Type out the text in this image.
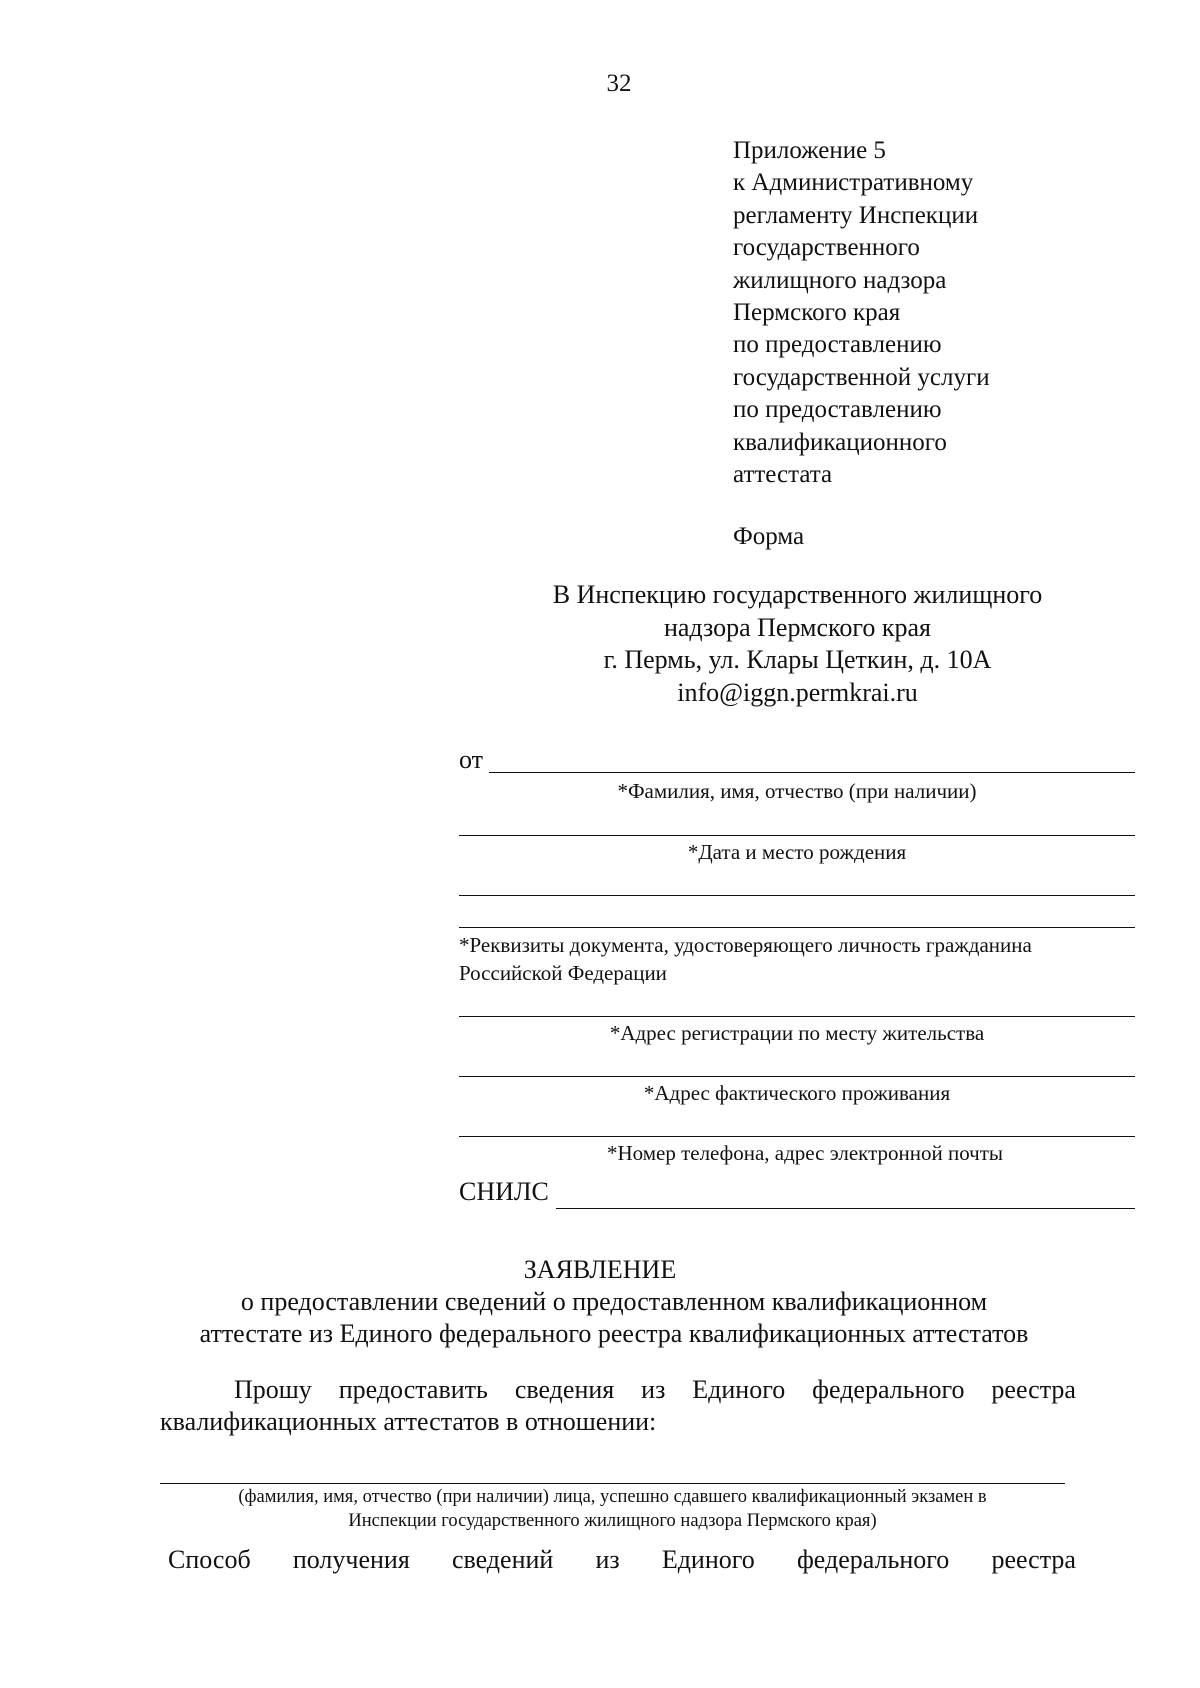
32
Приложение 5
к Административному
регламенту Инспекции
государственного
жилищного надзора
Пермского края
по предоставлению
государственной услуги
по предоставлению
квалификационного
аттестата
Форма
В Инспекцию государственного жилищного
надзора Пермского края
г. Пермь, ул. Клары Цеткин, д. 10А
info@iggn.permkrai.ru
от
*Фамилия, имя, отчество (при наличии)
*Дата и место рождения
*Реквизиты документа, удостоверяющего личность гражданина
Российской Федерации
*Адрес регистрации по месту жительства
*Адрес фактического проживания
*Номер телефона, адрес электронной почты
СНИЛС
ЗАЯВЛЕНИЕ
о предоставлении сведений о предоставленном квалификационном
аттестате из Единого федерального реестра квалификационных аттестатов
Прошу предоставить сведения из Единого федерального реестра
квалификационных аттестатов в отношении:
(фамилия, имя, отчество (при наличии) лица, успешно сдавшего квалификационный экзамен в
Инспекции государственного жилищного надзора Пермского края)
Способ получения сведений из Единого федерального реестра
